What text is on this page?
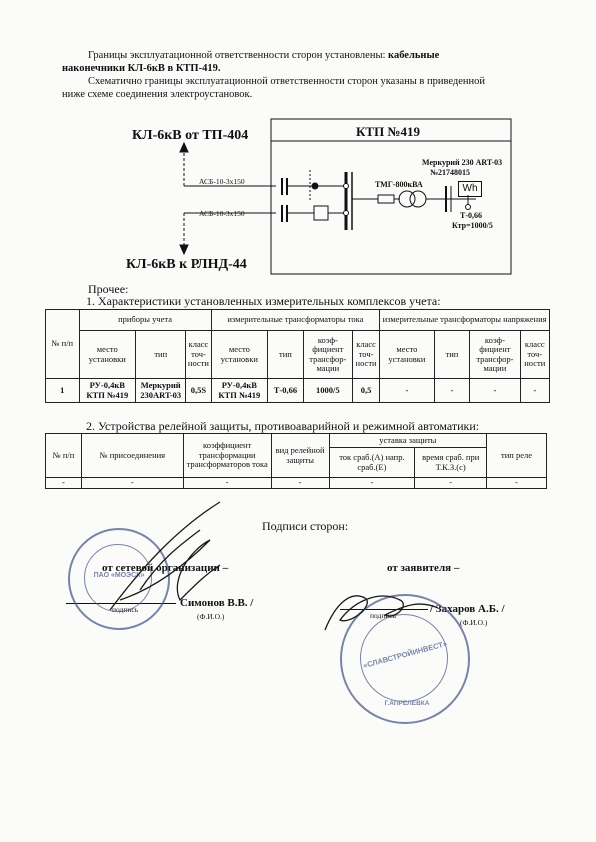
Границы эксплуатационной ответственности сторон установлены: кабельные
наконечники КЛ-6кВ в КТП-419.
Схематично границы эксплуатационной ответственности сторон указаны в приведенной
ниже схеме соединения электроустановок.
КЛ-6кВ от ТП-404
КЛ-6кВ к РЛНД-44
КТП №419
Меркурий 230 ART-03
№21748015
Wh
ТМГ-800кВА
Т-0,66
Ктр=1000/5
АСБ-10-3х150
АСБ-10-3х150
Прочее:
1. Характеристики установленных измерительных комплексов учета:
№ п/п	приборы учета			измерительные трансформаторы тока				измерительные трансформаторы напряжения			
	место установки	тип	класс точ-ности	место установки	тип	коэф-фициент трансфор-мации	класс точ-ности	место установки	тип	коэф-фициент трансфор-мации	класс точ-ности
1	РУ-0,4кВ КТП №419	Меркурий 230ART-03	0,5S	РУ-0,4кВ КТП №419	Т-0,66	1000/5	0,5	-	-	-	-
2. Устройства релейной защиты, противоаварийной и режимной автоматики:
№ п/п	№ присоединения	коэффициент трансформации трансформаторов тока	вид релейной защиты	уставка защиты		тип реле
				ток сраб.(А) напр. сраб.(Е)	время сраб. при Т.К.З.(с)	
-	-	-	-	-	-	-
Подписи сторон:
от сетевой организации –	от заявителя –
подпись
Симонов В.В. /
(Ф.И.О.)	подпись
/ Захаров А.Б. /
(Ф.И.О.)
ПАО «МОЭСК»
«СЛАВСТРОЙИНВЕСТ»
Г.АПРЕЛЕВКА
